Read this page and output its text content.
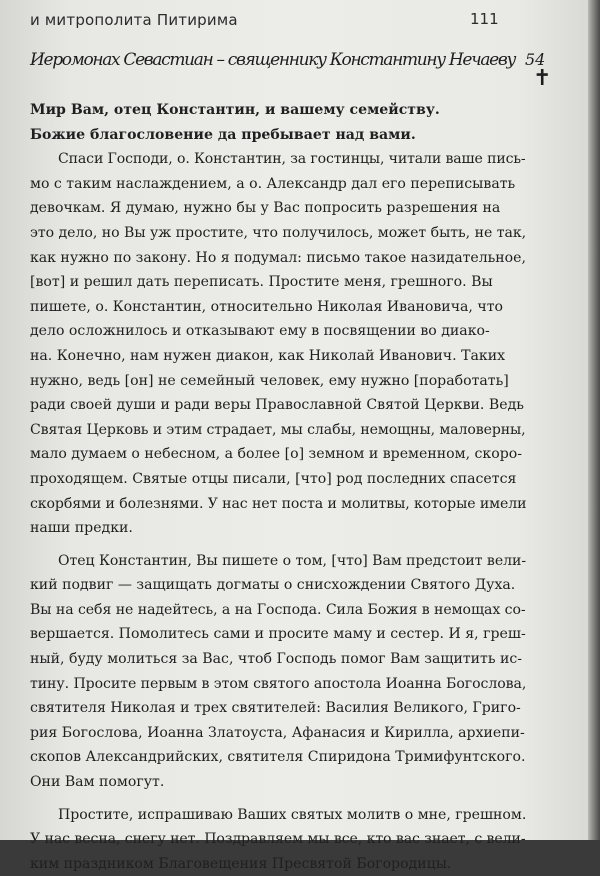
и митрополита Питирима	111
Иеромонах Севастиан – священнику Константину Нечаеву 54
✝
Мир Вам, отец Константин, и вашему семейству.
Божие благословение да пребывает над вами.
Спаси Господи, о. Константин, за гостинцы, читали ваше пись-
мо с таким наслаждением, а о. Александр дал его переписывать
девочкам. Я думаю, нужно бы у Вас попросить разрешения на
это дело, но Вы уж простите, что получилось, может быть, не так,
как нужно по закону. Но я подумал: письмо такое назидательное,
[вот] и решил дать переписать. Простите меня, грешного. Вы
пишете, о. Константин, относительно Николая Ивановича, что
дело осложнилось и отказывают ему в посвящении во диако-
на. Конечно, нам нужен диакон, как Николай Иванович. Таких
нужно, ведь [он] не семейный человек, ему нужно [поработать]
ради своей души и ради веры Православной Святой Церкви. Ведь
Святая Церковь и этим страдает, мы слабы, немощны, маловерны,
мало думаем о небесном, а более [о] земном и временном, скоро-
проходящем. Святые отцы писали, [что] род последних спасется
скорбями и болезнями. У нас нет поста и молитвы, которые имели
наши предки.
Отец Константин, Вы пишете о том, [что] Вам предстоит вели-
кий подвиг — защищать догматы о снисхождении Святого Духа.
Вы на себя не надейтесь, а на Господа. Сила Божия в немощах со-
вершается. Помолитесь сами и просите маму и сестер. И я, греш-
ный, буду молиться за Вас, чтоб Господь помог Вам защитить ис-
тину. Просите первым в этом святого апостола Иоанна Богослова,
святителя Николая и трех святителей: Василия Великого, Григо-
рия Богослова, Иоанна Златоуста, Афанасия и Кирилла, архиепи-
скопов Александрийских, святителя Спиридона Тримифунтского.
Они Вам помогут.
Простите, испрашиваю Ваших святых молитв о мне, грешном.
У нас весна, снегу нет. Поздравляем мы все, кто вас знает, с вели-
ким праздником Благовещения Пресвятой Богородицы.
